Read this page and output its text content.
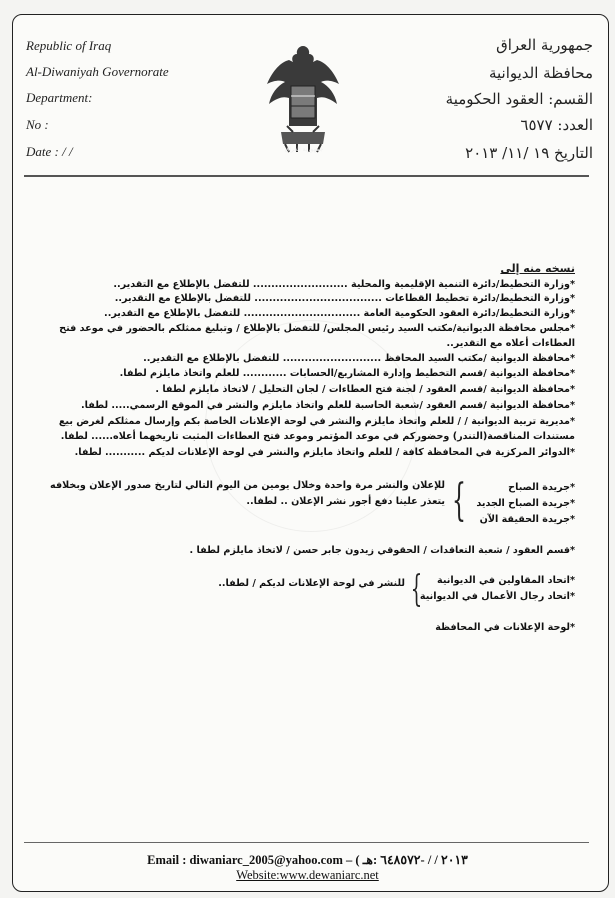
Republic of Iraq
Al-Diwaniyah Governorate
Department:
No :
Date : / /	جمهورية العراق
جمهورية العراق
محافظة الديوانية
القسم: العقود الحكومية
العدد: ٦٥٧٧
التاريخ ١٩ /١١/ ٢٠١٣
نسخه منه إلى
*وزارة التخطيط/دائرة التنمية الإقليمية والمحلية .......................... للتفضل بالإطلاع مع التقدير..
*وزارة التخطيط/دائرة تخطيط القطاعات ................................... للتفضل بالإطلاع مع التقدير..
*وزارة التخطيط/دائرة العقود الحكومية العامة ................................ للتفضل بالإطلاع مع التقدير..
*مجلس محافظة الديوانية/مكتب السيد رئيس المجلس/ للتفضل بالإطلاع / وتبليغ ممثلكم بالحضور في موعد فتح
العطاءات أعلاه مع التقدير..
*محافظة الديوانية /مكتب السيد المحافظ ........................... للتفضل بالإطلاع مع التقدير..
*محافظة الديوانية /قسم التخطيط وإدارة المشاريع/الحسابات ............ للعلم واتخاذ مايلزم لطفا.
*محافظة الديوانية /قسم العقود / لجنة فتح العطاءات / لجان التحليل / لاتخاذ مايلزم لطفا .
*محافظة الديوانية /قسم العقود /شعبة الحاسبة للعلم واتخاذ مايلزم والنشر في الموقع الرسمي..... لطفا.
*مديرية تربية الديوانية / / للعلم واتخاذ مايلزم والنشر في لوحة الإعلانات الخاصة بكم وإرسال ممثلكم لغرض بيع
مستندات المناقصة(التندر) وحضوركم في موعد المؤتمر وموعد فتح العطاءات المثبت تاريخهما أعلاه...... لطفا.
*الدوائر المركزية في المحافظة كافة / للعلم واتخاذ مايلزم والنشر في لوحة الإعلانات لديكم ........... لطفا.
*جريدة الصباح
*جريدة الصباح الجديد
*جريدة الحقيقة الآن
{
للإعلان والنشر مرة واحدة وخلال يومين من اليوم التالي لتاريخ صدور الإعلان وبخلافه
يتعذر علينا دفع أجور نشر الإعلان .. لطفا..
*قسم العقود / شعبة التعاقدات / الحقوقي زيدون جابر حسن / لاتخاذ مايلزم لطفا .
*اتحاد المقاولين في الديوانية
*اتحاد رجال الأعمال في الديوانية
{
للنشر في لوحة الإعلانات لديكم / لطفا..
*لوحة الإعلانات في المحافظة
Email : diwaniarc_2005@yahoo.com – ( ٢٠١٣ / / -٦٤٨٥٧٢ :هـ
Website:www.dewaniarc.net
